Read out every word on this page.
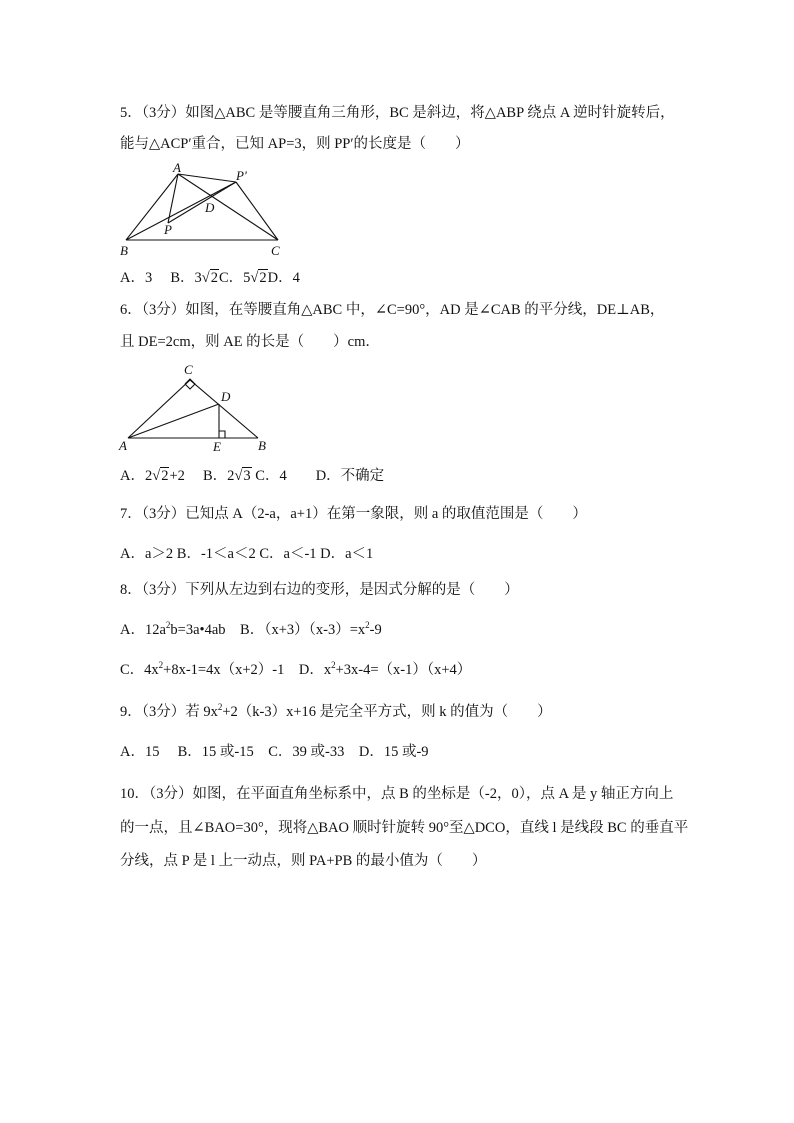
5．（3分）如图△ABC 是等腰直角三角形，BC 是斜边，将△ABP 绕点 A 逆时针旋转后，
能与△ACP′重合，已知 AP=3，则 PP′的长度是（　　）
A
P′
D
P
B	C
A．3　 B．3√2C．5√2D．4
6．（3分）如图，在等腰直角△ABC 中，∠C=90°，AD 是∠CAB 的平分线，DE⊥AB，
且 DE=2cm，则 AE 的长是（　　）cm．
C
D
A	E	B
A．2√2+2　 B．2√3 C．4　　D．不确定
7．（3分）已知点 A（2-a，a+1）在第一象限，则 a 的取值范围是（　　）
A．a＞2 B．-1＜a＜2 C．a＜-1 D．a＜1
8．（3分）下列从左边到右边的变形，是因式分解的是（　　）
A．$12a^2b=3a•4ab$　B．$(x+3)(x-3)=x^2-9$
C．$4x^2+8x-1=4x(x+2)-1$　D．$x^2+3x-4=(x-1)(x+4)$
9．（3分）若 $9x^2+2(k-3)x+16$ 是完全平方式，则 k 的值为（　　）
A．15　 B．15 或-15　C．39 或-33　D．15 或-9
10．（3分）如图，在平面直角坐标系中，点 B 的坐标是（-2，0），点 A 是 y 轴正方向上
的一点，且∠BAO=30°，现将△BAO 顺时针旋转 90°至△DCO，直线 l 是线段 BC 的垂直平
分线，点 P 是 l 上一动点，则 PA+PB 的最小值为（　　）
